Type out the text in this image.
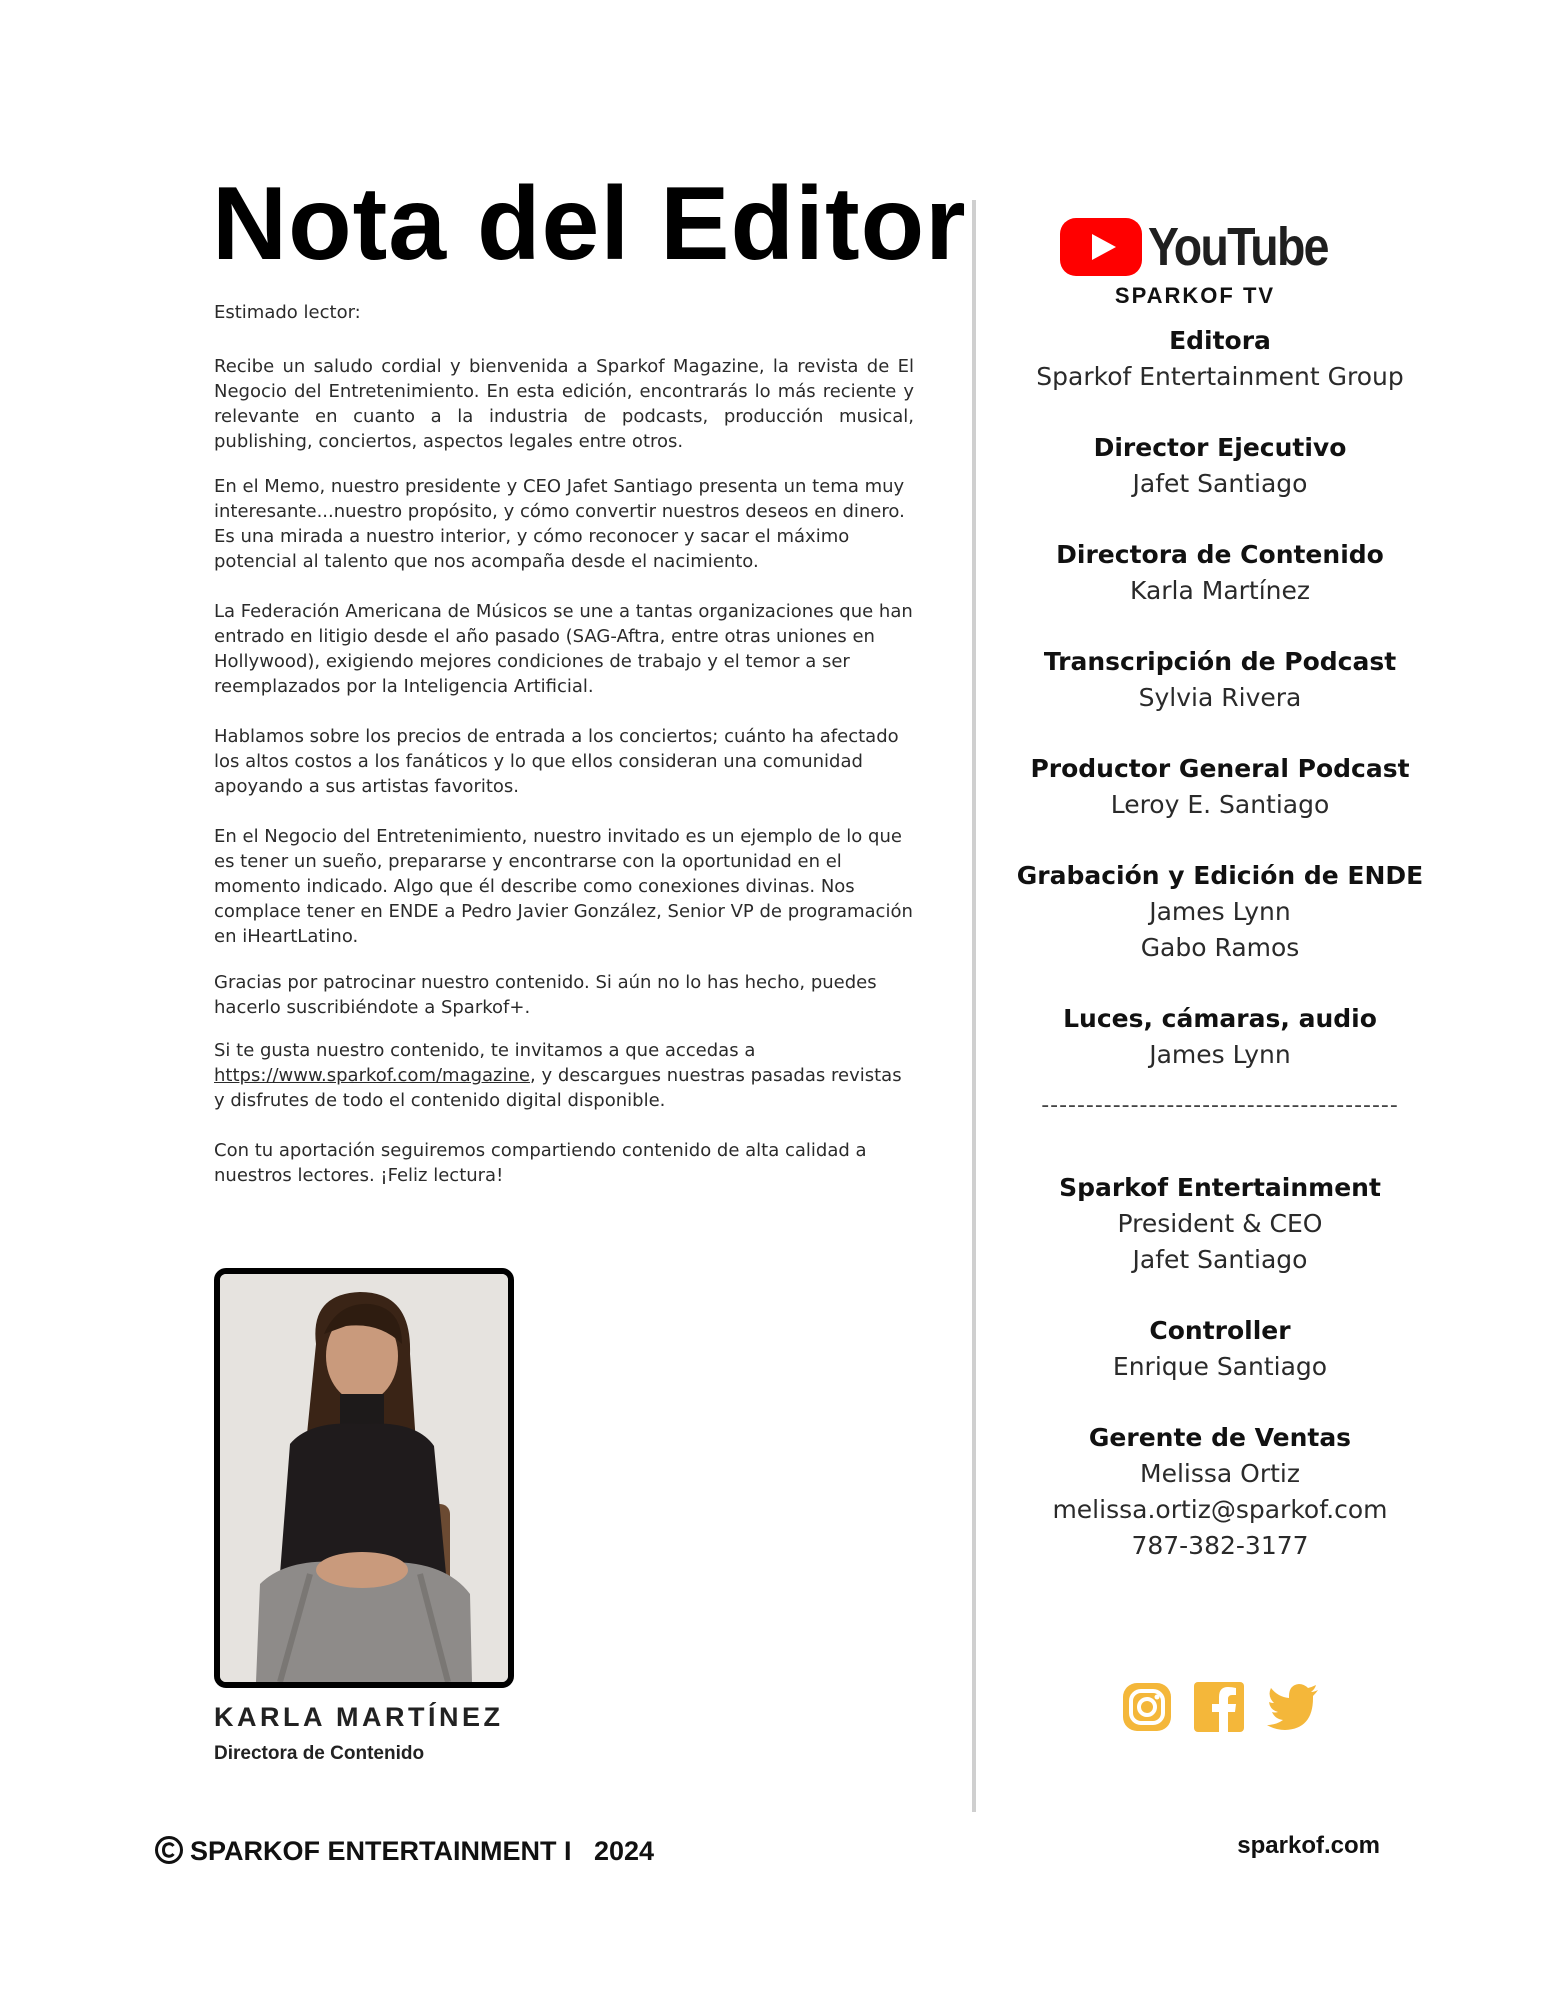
Nota del Editor

Estimado lector:

Recibe un saludo cordial y bienvenida a Sparkof Magazine, la revista de El Negocio del Entretenimiento. En esta edición, encontrarás lo más reciente y relevante en cuanto a la industria de podcasts, producción musical, publishing, conciertos, aspectos legales entre otros.

En el Memo, nuestro presidente y CEO Jafet Santiago presenta un tema muy interesante...nuestro propósito, y cómo convertir nuestros deseos en dinero. Es una mirada a nuestro interior, y cómo reconocer y sacar el máximo potencial al talento que nos acompaña desde el nacimiento.

La Federación Americana de Músicos se une a tantas organizaciones que han entrado en litigio desde el año pasado (SAG-Aftra, entre otras uniones en Hollywood), exigiendo mejores condiciones de trabajo y el temor a ser reemplazados por la Inteligencia Artificial.

Hablamos sobre los precios de entrada a los conciertos; cuánto ha afectado los altos costos a los fanáticos y lo que ellos consideran una comunidad apoyando a sus artistas favoritos.

En el Negocio del Entretenimiento, nuestro invitado es un ejemplo de lo que es tener un sueño, prepararse y encontrarse con la oportunidad en el momento indicado. Algo que él describe como conexiones divinas. Nos complace tener en ENDE a Pedro Javier González, Senior VP de programación en iHeartLatino.

Gracias por patrocinar nuestro contenido. Si aún no lo has hecho, puedes hacerlo suscribiéndote a Sparkof+.

Si te gusta nuestro contenido, te invitamos a que accedas a https://www.sparkof.com/magazine, y descargues nuestras pasadas revistas y disfrutes de todo el contenido digital disponible.

Con tu aportación seguiremos compartiendo contenido de alta calidad a nuestros lectores. ¡Feliz lectura!

KARLA MARTÍNEZ
Directora de Contenido
YouTube
SPARKOF TV
Editora
Sparkof Entertainment Group
Director Ejecutivo
Jafet Santiago
Directora de Contenido
Karla Martínez
Transcripción de Podcast
Sylvia Rivera
Productor General Podcast
Leroy E. Santiago
Grabación y Edición de ENDE
James Lynn
Gabo Ramos
Luces, cámaras, audio
James Lynn
----------------------------------------
Sparkof Entertainment
President & CEO
Jafet Santiago
Controller
Enrique Santiago
Gerente de Ventas
Melissa Ortiz
melissa.ortiz@sparkof.com
787-382-3177
SPARKOF ENTERTAINMENT I   2024	sparkof.com
